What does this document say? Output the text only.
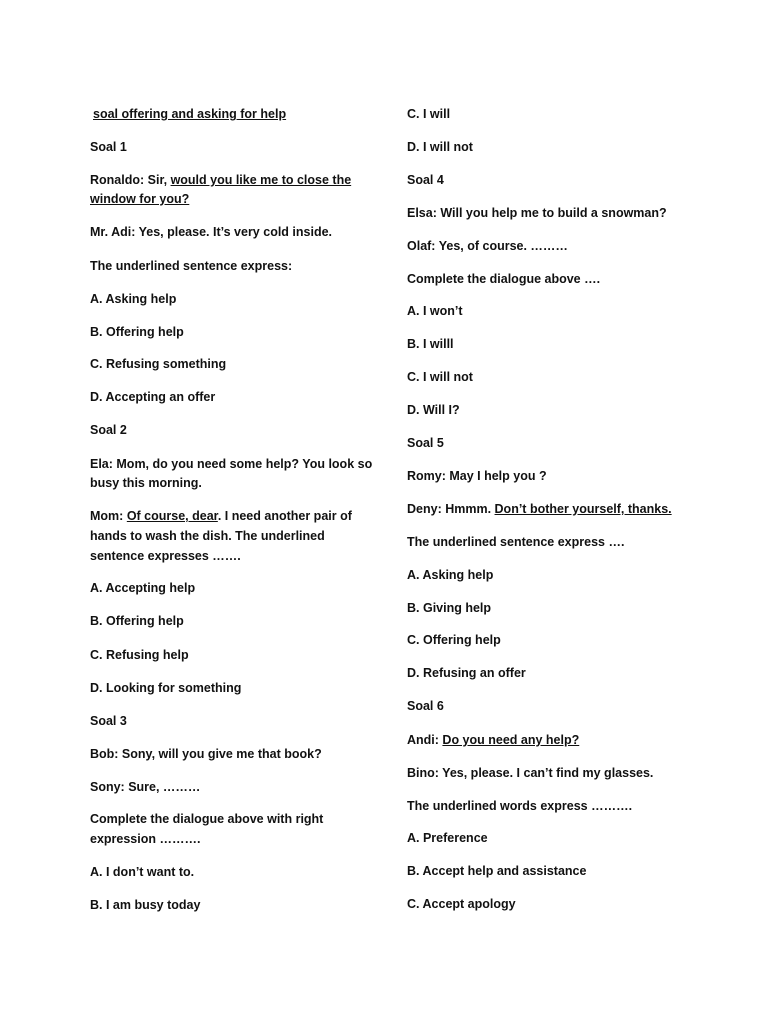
soal offering and asking for help

Soal 1

Ronaldo: Sir, would you like me to close the

window for you?

Mr. Adi: Yes, please. It’s very cold inside.

The underlined sentence express:

A. Asking help

B. Offering help

C. Refusing something

D. Accepting an offer

Soal 2

Ela: Mom, do you need some help? You look so

busy this morning.

Mom: Of course, dear. I need another pair of

hands to wash the dish. The underlined

sentence expresses …….

A. Accepting help

B. Offering help

C. Refusing help

D. Looking for something

Soal 3

Bob: Sony, will you give me that book?

Sony: Sure, ………

Complete the dialogue above with right

expression ……….

A. I don’t want to.

B. I am busy today

C. I will

D. I will not

Soal 4

Elsa: Will you help me to build a snowman?

Olaf: Yes, of course. ………

Complete the dialogue above ….

A. I won’t

B. I willl

C. I will not

D. Will I?

Soal 5

Romy: May I help you ?

Deny: Hmmm. Don’t bother yourself, thanks.

The underlined sentence express ….

A. Asking help

B. Giving help

C. Offering help

D. Refusing an offer

Soal 6

Andi: Do you need any help?

Bino: Yes, please. I can’t find my glasses.

The underlined words express ……….

A. Preference

B. Accept help and assistance

C. Accept apology
